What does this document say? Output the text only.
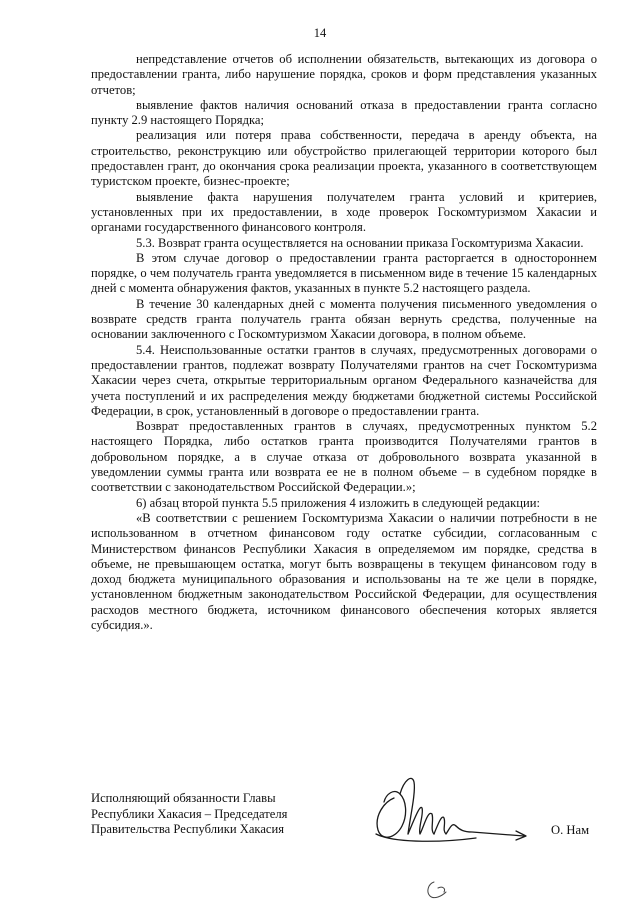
14

непредставление отчетов об исполнении обязательств, вытекающих из договора о предоставлении гранта, либо нарушение порядка, сроков и форм представления указанных отчетов;

выявление фактов наличия оснований отказа в предоставлении гранта согласно пункту 2.9 настоящего Порядка;

реализация или потеря права собственности, передача в аренду объекта, на строительство, реконструкцию или обустройство прилегающей территории которого был предоставлен грант, до окончания срока реализации проекта, указанного в соответствующем туристском проекте, бизнес-проекте;

выявление факта нарушения получателем гранта условий и критериев, установленных при их предоставлении, в ходе проверок Госкомтуризмом Хакасии и органами государственного финансового контроля.

5.3. Возврат гранта осуществляется на основании приказа Госкомтуризма Хакасии.

В этом случае договор о предоставлении гранта расторгается в одностороннем порядке, о чем получатель гранта уведомляется в письменном виде в течение 15 календарных дней с момента обнаружения фактов, указанных в пункте 5.2 настоящего раздела.

В течение 30 календарных дней с момента получения письменного уведомления о возврате средств гранта получатель гранта обязан вернуть средства, полученные на основании заключенного с Госкомтуризмом Хакасии договора, в полном объеме.

5.4. Неиспользованные остатки грантов в случаях, предусмотренных договорами о предоставлении грантов, подлежат возврату Получателями грантов на счет Госкомтуризма Хакасии через счета, открытые территориальным органом Федерального казначейства для учета поступлений и их распределения между бюджетами бюджетной системы Российской Федерации, в срок, установленный в договоре о предоставлении гранта.

Возврат предоставленных грантов в случаях, предусмотренных пунктом 5.2 настоящего Порядка, либо остатков гранта производится Получателями грантов в добровольном порядке, а в случае отказа от добровольного возврата указанной в уведомлении суммы гранта или возврата ее не в полном объеме – в судебном порядке в соответствии с законодательством Российской Федерации.»;

6) абзац второй пункта 5.5 приложения 4 изложить в следующей редакции:

«В соответствии с решением Госкомтуризма Хакасии о наличии потребности в не использованном в отчетном финансовом году остатке субсидии, согласованным с Министерством финансов Республики Хакасия в определяемом им порядке, средства в объеме, не превышающем остатка, могут быть возвращены в текущем финансовом году в доход бюджета муниципального образования и использованы на те же цели в порядке, установленном бюджетным законодательством Российской Федерации, для осуществления расходов местного бюджета, источником финансового обеспечения которых является субсидия.».

Исполняющий обязанности Главы
Республики Хакасия – Председателя
Правительства Республики Хакасия	О. Нам
